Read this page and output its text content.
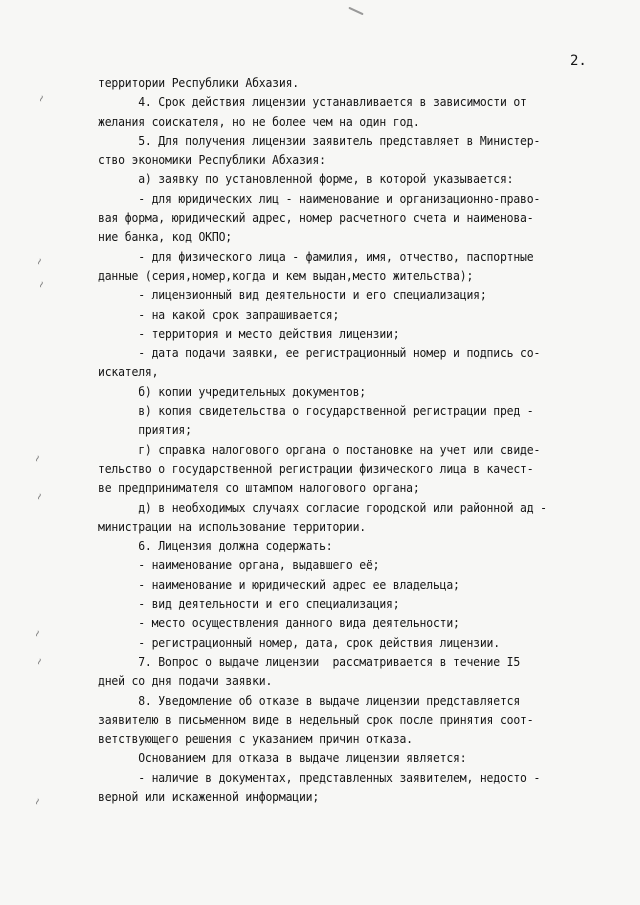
2.
~
~
~
~
~
~
~
~
территории Республики Абхазия.
4. Срок действия лицензии устанавливается в зависимости от
желания соискателя, но не более чем на один год.
5. Для получения лицензии заявитель представляет в Министер-
ство экономики Республики Абхазия:
а) заявку по установленной форме, в которой указывается:
- для юридических лиц - наименование и организационно-право-
вая форма, юридический адрес, номер расчетного счета и наименова-
ние банка, код ОКПО;
- для физического лица - фамилия, имя, отчество, паспортные
данные (серия,номер,когда и кем выдан,место жительства);
- лицензионный вид деятельности и его специализация;
- на какой срок запрашивается;
- территория и место действия лицензии;
- дата подачи заявки, ее регистрационный номер и подпись со-
искателя,
б) копии учредительных документов;
в) копия свидетельства о государственной регистрации пред -
приятия;
г) справка налогового органа о постановке на учет или свиде-
тельство о государственной регистрации физического лица в качест-
ве предпринимателя со штампом налогового органа;
д) в необходимых случаях согласие городской или районной ад -
министрации на использование территории.
6. Лицензия должна содержать:
- наименование органа, выдавшего её;
- наименование и юридический адрес ее владельца;
- вид деятельности и его специализация;
- место осуществления данного вида деятельности;
- регистрационный номер, дата, срок действия лицензии.
7. Вопрос о выдаче лицензии  рассматривается в течение I5
дней со дня подачи заявки.
8. Уведомление об отказе в выдаче лицензии представляется
заявителю в письменном виде в недельный срок после принятия соот-
ветствующего решения с указанием причин отказа.
Основанием для отказа в выдаче лицензии является:
- наличие в документах, представленных заявителем, недосто -
верной или искаженной информации;
